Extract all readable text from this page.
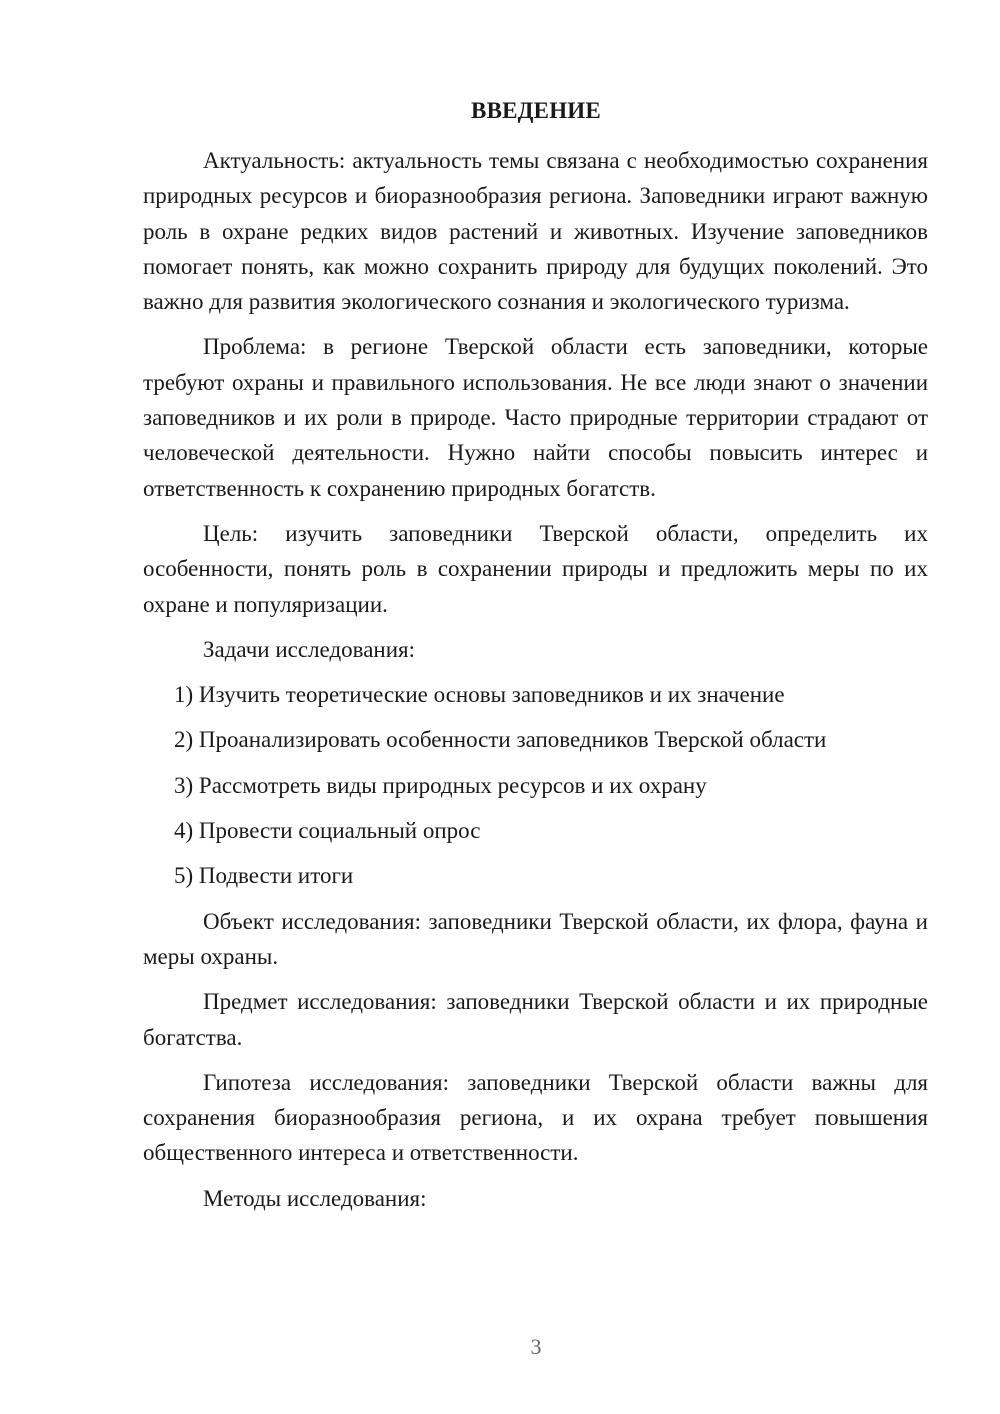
ВВЕДЕНИЕ

Актуальность: актуальность темы связана с необходимостью сохранения природных ресурсов и биоразнообразия региона. Заповедники играют важную роль в охране редких видов растений и животных. Изучение заповедников помогает понять, как можно сохранить природу для будущих поколений. Это важно для развития экологического сознания и экологического туризма.

Проблема: в регионе Тверской области есть заповедники, которые требуют охраны и правильного использования. Не все люди знают о значении заповедников и их роли в природе. Часто природные территории страдают от человеческой деятельности. Нужно найти способы повысить интерес и ответственность к сохранению природных богатств.

Цель: изучить заповедники Тверской области, определить их особенности, понять роль в сохранении природы и предложить меры по их охране и популяризации.

Задачи исследования:

1) Изучить теоретические основы заповедников и их значение
2) Проанализировать особенности заповедников Тверской области
3) Рассмотреть виды природных ресурсов и их охрану
4) Провести социальный опрос
5) Подвести итоги

Объект исследования: заповедники Тверской области, их флора, фауна и меры охраны.

Предмет исследования: заповедники Тверской области и их природные богатства.

Гипотеза исследования: заповедники Тверской области важны для сохранения биоразнообразия региона, и их охрана требует повышения общественного интереса и ответственности.

Методы исследования:

3
